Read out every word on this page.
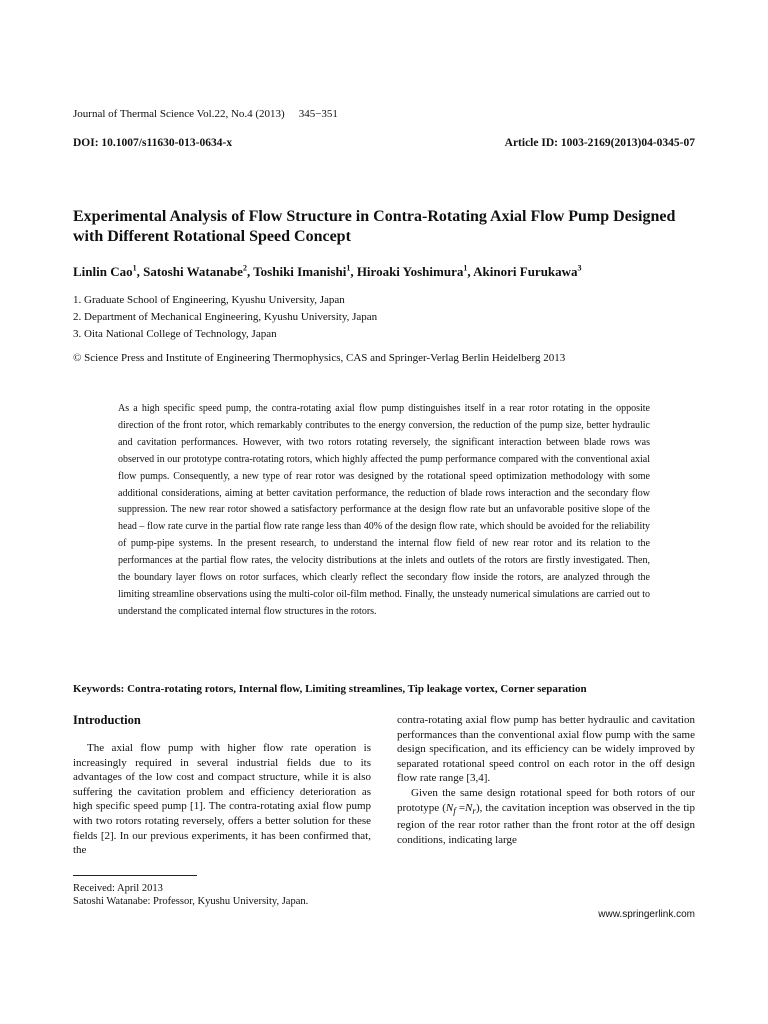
Journal of Thermal Science Vol.22, No.4 (2013) 345−351
DOI: 10.1007/s11630-013-0634-x	Article ID: 1003-2169(2013)04-0345-07
Experimental Analysis of Flow Structure in Contra-Rotating Axial Flow Pump Designed with Different Rotational Speed Concept
Linlin Cao$^1$, Satoshi Watanabe$^2$, Toshiki Imanishi$^1$, Hiroaki Yoshimura$^1$, Akinori Furukawa$^3$
1. Graduate School of Engineering, Kyushu University, Japan
2. Department of Mechanical Engineering, Kyushu University, Japan
3. Oita National College of Technology, Japan
© Science Press and Institute of Engineering Thermophysics, CAS and Springer-Verlag Berlin Heidelberg 2013
As a high specific speed pump, the contra-rotating axial flow pump distinguishes itself in a rear rotor rotating in the opposite direction of the front rotor, which remarkably contributes to the energy conversion, the reduction of the pump size, better hydraulic and cavitation performances. However, with two rotors rotating reversely, the significant interaction between blade rows was observed in our prototype contra-rotating rotors, which highly affected the pump performance compared with the conventional axial flow pumps. Consequently, a new type of rear rotor was designed by the rotational speed optimization methodology with some additional considerations, aiming at better cavitation performance, the reduction of blade rows interaction and the secondary flow suppression. The new rear rotor showed a satisfactory performance at the design flow rate but an unfavorable positive slope of the head – flow rate curve in the partial flow rate range less than 40% of the design flow rate, which should be avoided for the reliability of pump-pipe systems. In the present research, to understand the internal flow field of new rear rotor and its relation to the performances at the partial flow rates, the velocity distributions at the inlets and outlets of the rotors are firstly investigated. Then, the boundary layer flows on rotor surfaces, which clearly reflect the secondary flow inside the rotors, are analyzed through the limiting streamline observations using the multi-color oil-film method. Finally, the unsteady numerical simulations are carried out to understand the complicated internal flow structures in the rotors.
Keywords: Contra-rotating rotors, Internal flow, Limiting streamlines, Tip leakage vortex, Corner separation
Introduction

The axial flow pump with higher flow rate operation is increasingly required in several industrial fields due to its advantages of the low cost and compact structure, while it is also suffering the cavitation problem and efficiency deterioration as high specific speed pump [1]. The contra-rotating axial flow pump with two rotors rotating reversely, offers a better solution for these fields [2]. In our previous experiments, it has been confirmed that, the

contra-rotating axial flow pump has better hydraulic and cavitation performances than the conventional axial flow pump with the same design specification, and its efficiency can be widely improved by separated rotational speed control on each rotor in the off design flow rate range [3,4].

Given the same design rotational speed for both rotors of our prototype $(N_f =N_r)$, the cavitation inception was observed in the tip region of the rear rotor rather than the front rotor at the off design conditions, indicating large

Received: April 2013
Satoshi Watanabe: Professor, Kyushu University, Japan.
www.springerlink.com
